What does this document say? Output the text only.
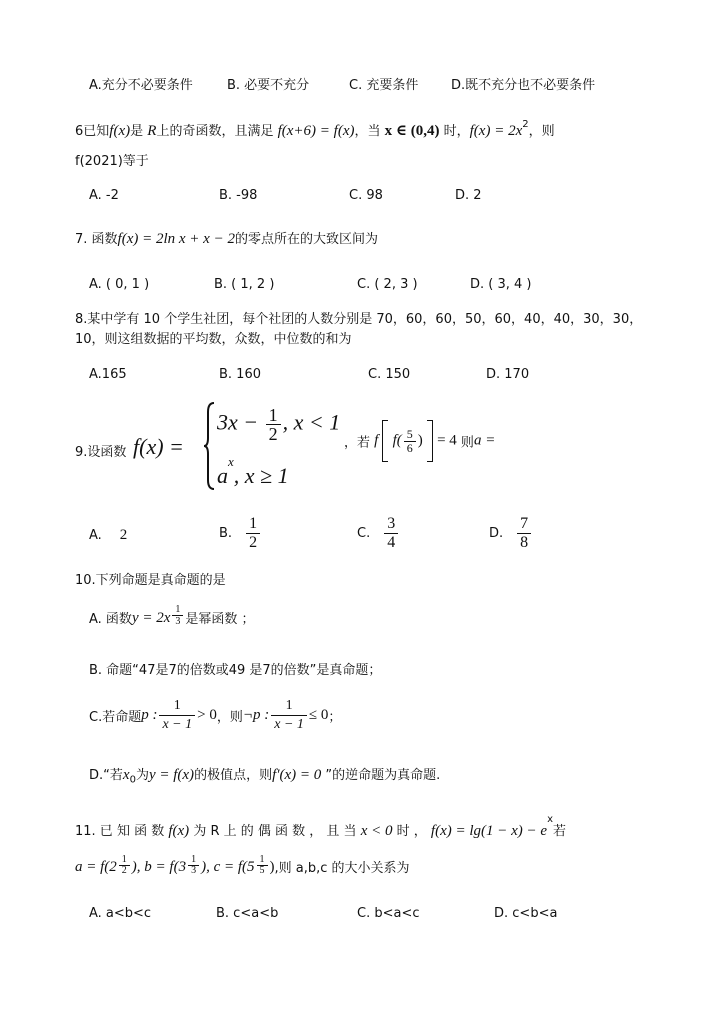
A.充分不必要条件	B. 必要不充分	C. 充要条件	D.既不充分也不必要条件
6已知f(x)是 R上的奇函数，且满足 f(x+6) = f(x)，当 x ∈ (0,4) 时，$f(x) = 2x^2$，则
f(2021)等于
A. -2	B. -98	C. 98	D. 2
7. 函数f(x) = 2ln x + x − 2的零点所在的大致区间为
A. ( 0, 1 )	B. ( 1, 2 )	C. ( 2, 3 )	D. ( 3, 4 )
8.某中学有 10 个学生社团，每个社团的人数分别是 70，60，60，50，60，40，40，30，30，
10，则这组数据的平均数，众数，中位数的和为
A.165	B. 160	C. 150	D. 170
9.设函数 f(x) =
$3x - \frac{1}{2}$ , x < 1
$a^x$, x ≥ 1
，若 f $f( \frac{5}{6}$ ) = 4 则a =
A. 2	B. $\frac{1}{2}$	C. $\frac{3}{4}$	D. $\frac{7}{8}$
10.下列命题是真命题的是
A. 函数$y = 2x \frac{1}{3}$ 是幂函数 ；
B. 命题“47是7的倍数或49 是7的倍数”是真命题；
C.若命题p : $\frac{1}{x - 1} > 0$，则¬p : $\frac{1}{x - 1} \le 0$；
D.“若$x_0$为y = f(x)的极值点，则f′(x) = 0 ”的逆命题为真命题.
11. 已 知 函 数 f(x) 为 R 上 的 偶 函 数 ， 且 当 x < 0 时 ， $f(x) = \lg(1 - x) - e^x$若
$a = f(2 \frac{1}{2}$ ), $b = f(3 \frac{1}{3}$ ), $c = f(5 \frac{1}{5}$ ),则 a,b,c 的大小关系为
A. a<b<c	B. c<a<b	C. b<a<c	D. c<b<a
